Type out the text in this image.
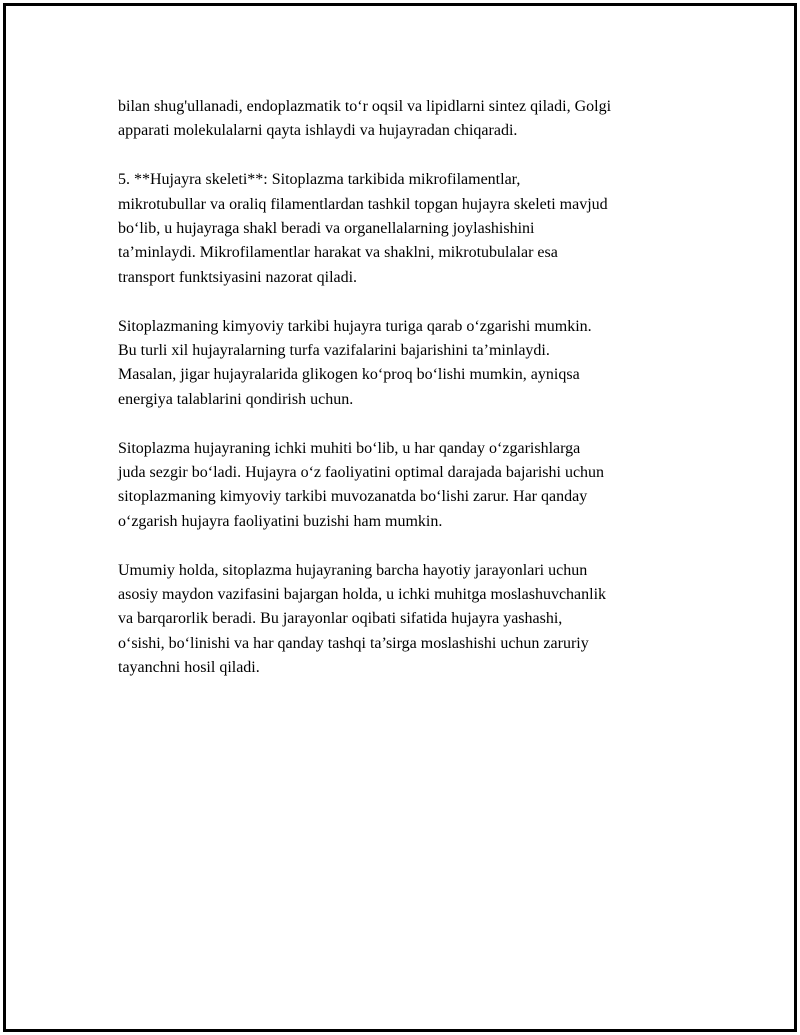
bilan shug'ullanadi, endoplazmatik to‘r oqsil va lipidlarni sintez qiladi, Golgi
apparati molekulalarni qayta ishlaydi va hujayradan chiqaradi.

5. **Hujayra skeleti**: Sitoplazma tarkibida mikrofilamentlar,
mikrotubullar va oraliq filamentlardan tashkil topgan hujayra skeleti mavjud
bo‘lib, u hujayraga shakl beradi va organellalarning joylashishini
ta’minlaydi. Mikrofilamentlar harakat va shaklni, mikrotubulalar esa
transport funktsiyasini nazorat qiladi.

Sitoplazmaning kimyoviy tarkibi hujayra turiga qarab o‘zgarishi mumkin.
Bu turli xil hujayralarning turfa vazifalarini bajarishini ta’minlaydi.
Masalan, jigar hujayralarida glikogen ko‘proq bo‘lishi mumkin, ayniqsa
energiya talablarini qondirish uchun.

Sitoplazma hujayraning ichki muhiti bo‘lib, u har qanday o‘zgarishlarga
juda sezgir bo‘ladi. Hujayra o‘z faoliyatini optimal darajada bajarishi uchun
sitoplazmaning kimyoviy tarkibi muvozanatda bo‘lishi zarur. Har qanday
o‘zgarish hujayra faoliyatini buzishi ham mumkin.

Umumiy holda, sitoplazma hujayraning barcha hayotiy jarayonlari uchun
asosiy maydon vazifasini bajargan holda, u ichki muhitga moslashuvchanlik
va barqarorlik beradi. Bu jarayonlar oqibati sifatida hujayra yashashi,
o‘sishi, bo‘linishi va har qanday tashqi ta’sirga moslashishi uchun zaruriy
tayanchni hosil qiladi.
